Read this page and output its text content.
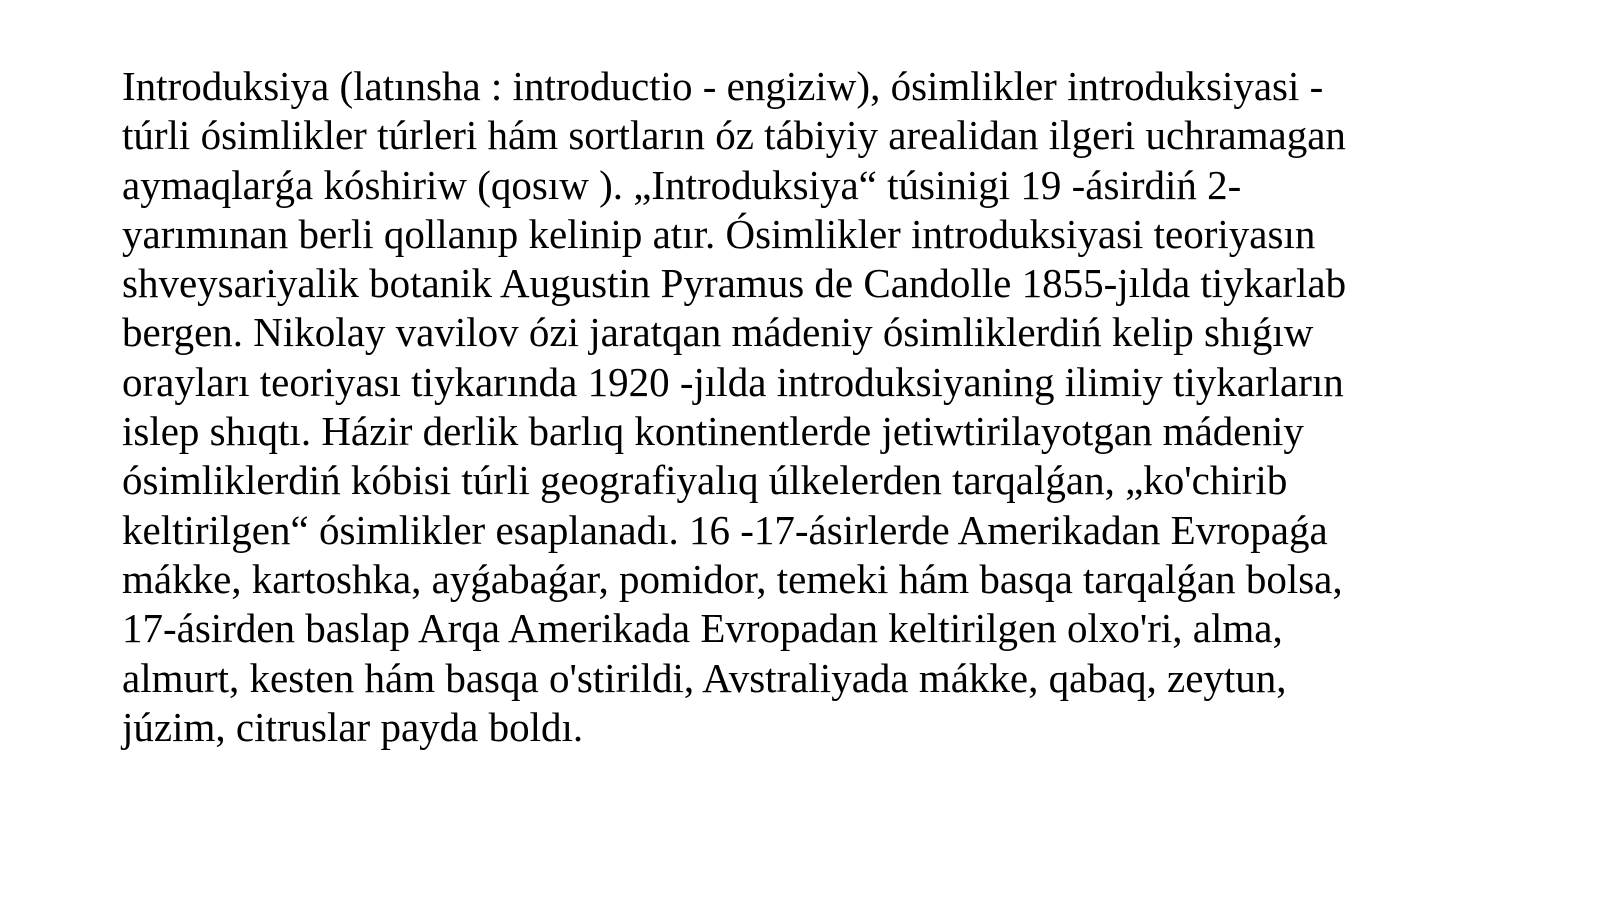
Introduksiya (latınsha : introductio - engiziw), ósimlikler introduksiyasi -
túrli ósimlikler túrleri hám sortların óz tábiyiy arealidan ilgeri uchramagan
aymaqlarǵa kóshiriw (qosıw ). „Introduksiya“ túsinigi 19 -ásirdiń 2-
yarımınan berli qollanıp kelinip atır. Ósimlikler introduksiyasi teoriyasın
shveysariyalik botanik Augustin Pyramus de Candolle 1855-jılda tiykarlab
bergen. Nikolay vavilov ózi jaratqan mádeniy ósimliklerdiń kelip shıǵıw
orayları teoriyası tiykarında 1920 -jılda introduksiyaning ilimiy tiykarların
islep shıqtı. Házir derlik barlıq kontinentlerde jetiwtirilayotgan mádeniy
ósimliklerdiń kóbisi túrli geografiyalıq úlkelerden tarqalǵan, „ko'chirib
keltirilgen“ ósimlikler esaplanadı. 16 -17-ásirlerde Amerikadan Evropaǵa
mákke, kartoshka, ayǵabaǵar, pomidor, temeki hám basqa tarqalǵan bolsa,
17-ásirden baslap Arqa Amerikada Evropadan keltirilgen olxo'ri, alma,
almurt, kesten hám basqa o'stirildi, Avstraliyada mákke, qabaq, zeytun,
júzim, citruslar payda boldı.
